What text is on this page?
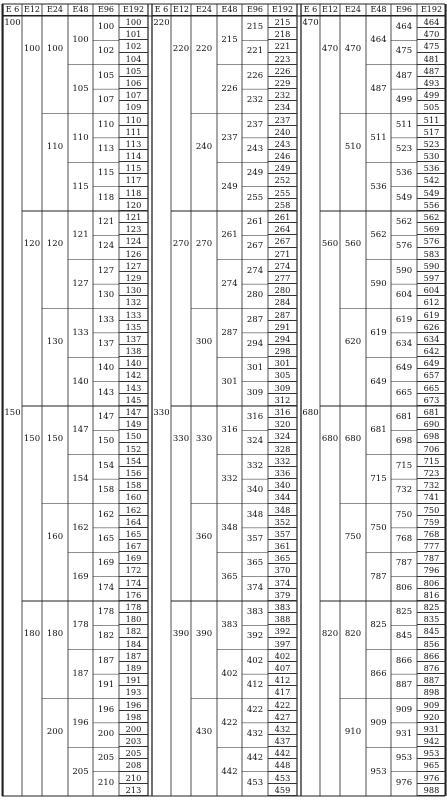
E 6
100
150
E12
100
120
150
180
E24
100
110
120
130
150
160
180
200
E48
100
105
110
115
121
127
133
140
147
154
162
169
178
187
196
205
E96
100
102
105
107
110
113
115
118
121
124
127
130
133
137
140
143
147
150
154
158
162
165
169
174
178
182
187
191
196
200
205
210
E192
100
101
102
104
105
106
107
109
110
111
113
114
115
117
118
120
121
123
124
126
127
129
130
132
133
135
137
138
140
142
143
145
147
149
150
152
154
156
158
160
162
164
165
167
169
172
174
176
178
180
182
184
187
189
191
193
196
198
200
203
205
208
210
213
E 6
220
330
E12
220
270
330
390
E24
220
240
270
300
330
360
390
430
E48
215
226
237
249
261
274
287
301
316
332
348
365
383
402
422
442
E96
215
221
226
232
237
243
249
255
261
267
274
280
287
294
301
309
316
324
332
340
348
357
365
374
383
392
402
412
422
432
442
453
E192
215
218
221
223
226
229
232
234
237
240
243
246
249
252
255
258
261
264
267
271
274
277
280
284
287
291
294
298
301
305
309
312
316
320
324
328
332
336
340
344
348
352
357
361
365
370
374
379
383
388
392
397
402
407
412
417
422
427
432
437
442
448
453
459
E 6
470
680
E12
470
560
680
820
E24
470
510
560
620
680
750
820
910
E48
464
487
511
536
562
590
619
649
681
715
750
787
825
866
909
953
E96
464
475
487
499
511
523
536
549
562
576
590
604
619
634
649
665
681
698
715
732
750
768
787
806
825
845
866
887
909
931
953
976
E192
464
470
475
481
487
493
499
505
511
517
523
530
536
542
549
556
562
569
576
583
590
597
604
612
619
626
634
642
649
657
665
673
681
690
698
706
715
723
732
741
750
759
768
777
787
796
806
816
825
835
845
856
866
876
887
898
909
920
931
942
953
965
976
988
